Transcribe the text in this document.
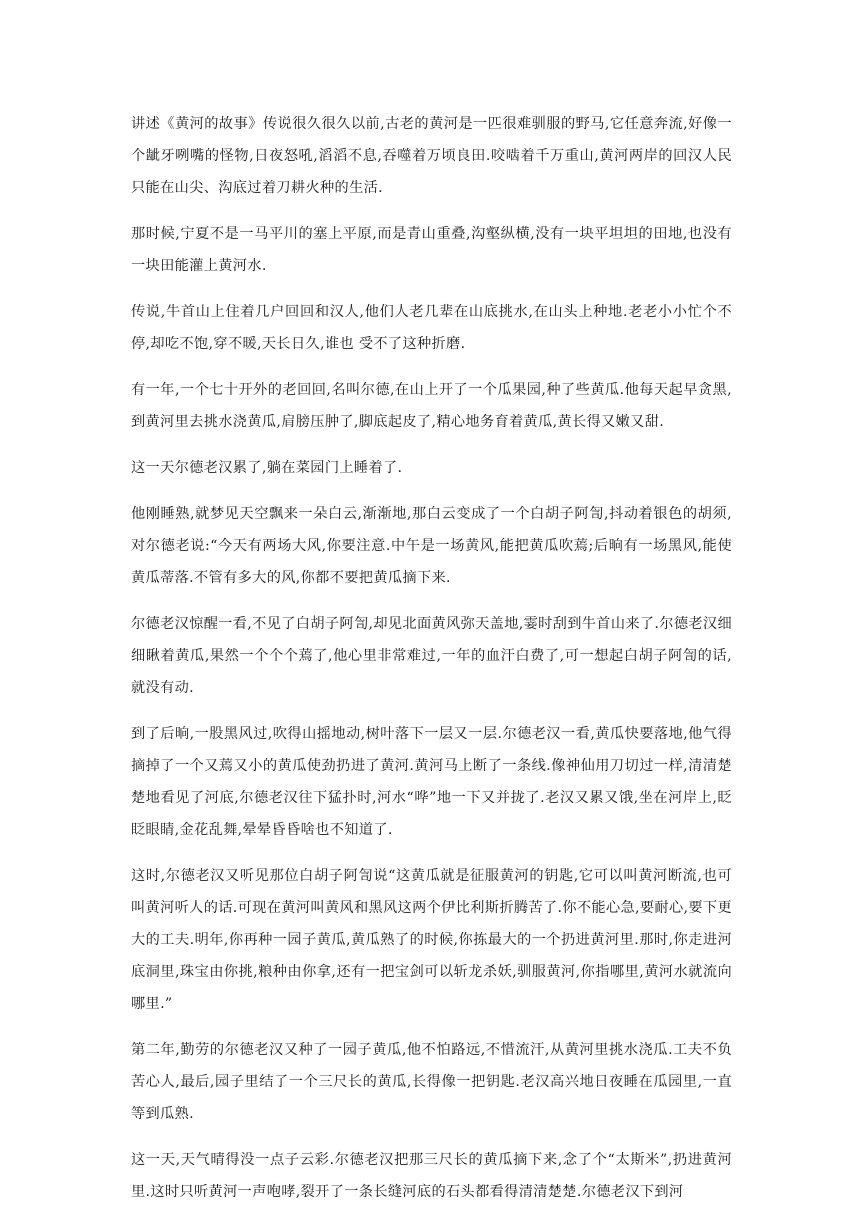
讲述《黄河的故事》传说很久很久以前,古老的黄河是一匹很难驯服的野马,它任意奔流,好像一个龇牙咧嘴的怪物,日夜怒吼,滔滔不息,吞噬着万顷良田.咬啮着千万重山,黄河两岸的回汉人民只能在山尖、沟底过着刀耕火种的生活.

那时候,宁夏不是一马平川的塞上平原,而是青山重叠,沟壑纵横,没有一块平坦坦的田地,也没有一块田能灌上黄河水.

传说,牛首山上住着几户回回和汉人,他们人老几辈在山底挑水,在山头上种地.老老小小忙个不停,却吃不饱,穿不暖,天长日久,谁也 受不了这种折磨.

有一年,一个七十开外的老回回,名叫尔德,在山上开了一个瓜果园,种了些黄瓜.他每天起早贪黑,到黄河里去挑水浇黄瓜,肩膀压肿了,脚底起皮了,精心地务育着黄瓜,黄长得又嫩又甜.

这一天尔德老汉累了,躺在菜园门上睡着了.

他刚睡熟,就梦见天空飘来一朵白云,渐渐地,那白云变成了一个白胡子阿訇,抖动着银色的胡须,对尔德老说:“今天有两场大风,你要注意.中午是一场黄风,能把黄瓜吹蔫;后晌有一场黑风,能使黄瓜蒂落.不管有多大的风,你都不要把黄瓜摘下来.

尔德老汉惊醒一看,不见了白胡子阿訇,却见北面黄风弥天盖地,霎时刮到牛首山来了.尔德老汉细细瞅着黄瓜,果然一个个个蔫了,他心里非常难过,一年的血汗白费了,可一想起白胡子阿訇的话,就没有动.

到了后晌,一股黑风过,吹得山摇地动,树叶落下一层又一层.尔德老汉一看,黄瓜快要落地,他气得摘掉了一个又蔫又小的黄瓜使劲扔进了黄河.黄河马上断了一条线.像神仙用刀切过一样,清清楚楚地看见了河底,尔德老汉往下猛扑时,河水“哗”地一下又并拢了.老汉又累又饿,坐在河岸上,眨眨眼睛,金花乱舞,晕晕昏昏啥也不知道了.

这时,尔德老汉又听见那位白胡子阿訇说“这黄瓜就是征服黄河的钥匙,它可以叫黄河断流,也可叫黄河听人的话.可现在黄河叫黄风和黑风这两个伊比利斯折腾苦了.你不能心急,要耐心,要下更大的工夫.明年,你再种一园子黄瓜,黄瓜熟了的时候,你拣最大的一个扔进黄河里.那时,你走进河底洞里,珠宝由你挑,粮种由你拿,还有一把宝剑可以斩龙杀妖,驯服黄河,你指哪里,黄河水就流向哪里.”

第二年,勤劳的尔德老汉又种了一园子黄瓜,他不怕路远,不惜流汗,从黄河里挑水浇瓜.工夫不负苦心人,最后,园子里结了一个三尺长的黄瓜,长得像一把钥匙.老汉高兴地日夜睡在瓜园里,一直等到瓜熟.

这一天,天气晴得没一点子云彩.尔德老汉把那三尺长的黄瓜摘下来,念了个“太斯米”,扔进黄河里.这时只听黄河一声咆哮,裂开了一条长缝河底的石头都看得清清楚楚.尔德老汉下到河
